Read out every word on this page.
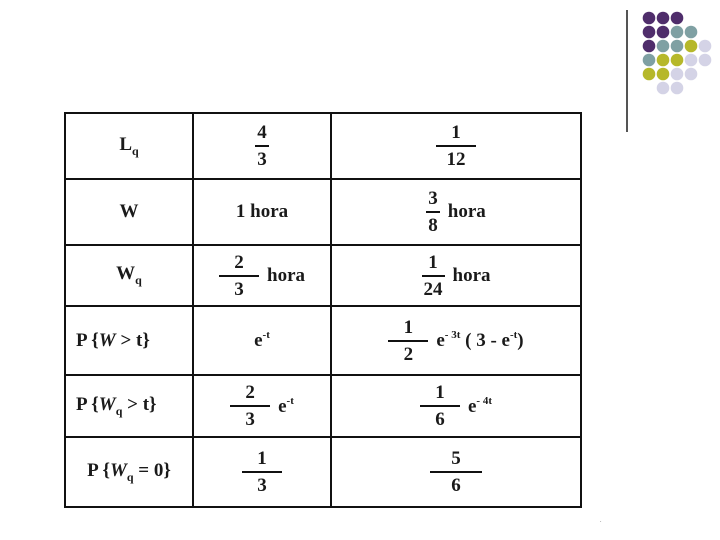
$L_q$	$\frac{4}{3}$	$\frac{1}{12}$

W	1 hora	$\frac{3}{8}$ hora

$W_q$	$\frac{2}{3}$ hora	$\frac{1}{24}$ hora

P {W > t}	$e^{-t}$	$\frac{1}{2} e^{- 3t}$ ( $3 - e^{-t}$)

P $\{W_q > t\}$	$\frac{2}{3} e^{-t}$	$\frac{1}{6} e^{- 4t}$

P $\{W_q = 0\}$	$\frac{1}{3}$	$\frac{5}{6}$
.
